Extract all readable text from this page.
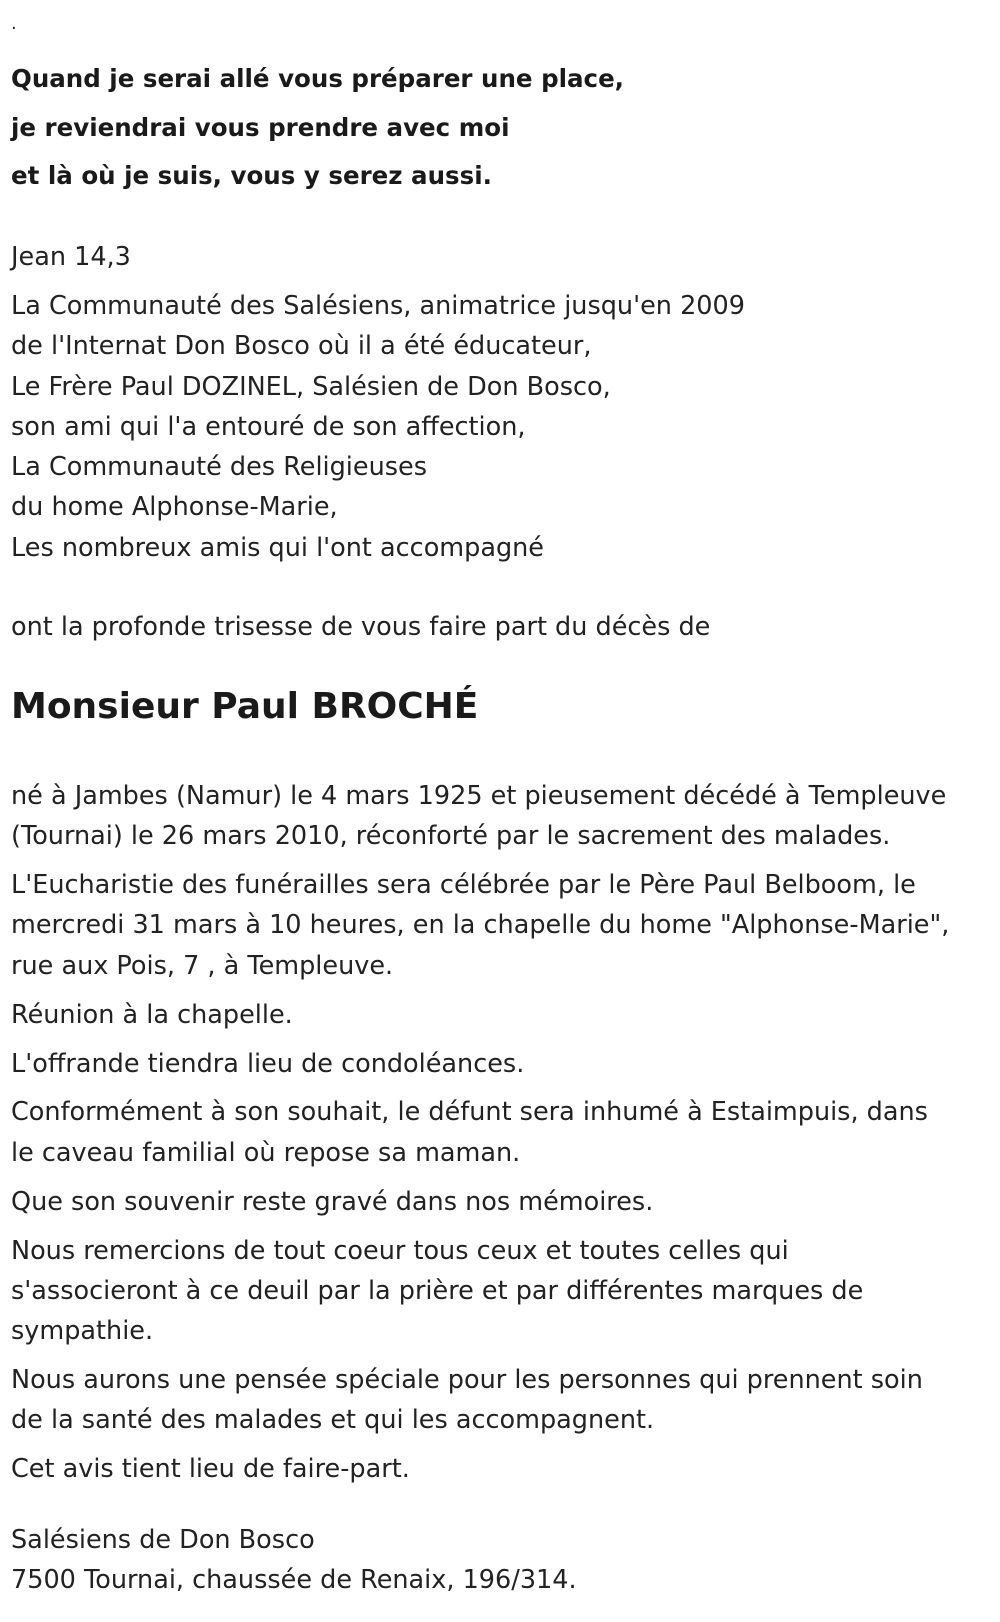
.
Quand je serai allé vous préparer une place,
je reviendrai vous prendre avec moi
et là où je suis, vous y serez aussi.
Jean 14,3
La Communauté des Salésiens, animatrice jusqu'en 2009
de l'Internat Don Bosco où il a été éducateur,
Le Frère Paul DOZINEL, Salésien de Don Bosco,
son ami qui l'a entouré de son affection,
La Communauté des Religieuses
du home Alphonse-Marie,
Les nombreux amis qui l'ont accompagné
ont la profonde trisesse de vous faire part du décès de
Monsieur Paul BROCHÉ

né à Jambes (Namur) le 4 mars 1925 et pieusement décédé à Templeuve
(Tournai) le 26 mars 2010, réconforté par le sacrement des malades.

L'Eucharistie des funérailles sera célébrée par le Père Paul Belboom, le
mercredi 31 mars à 10 heures, en la chapelle du home "Alphonse-Marie",
rue aux Pois, 7 , à Templeuve.

Réunion à la chapelle.

L'offrande tiendra lieu de condoléances.

Conformément à son souhait, le défunt sera inhumé à Estaimpuis, dans
le caveau familial où repose sa maman.

Que son souvenir reste gravé dans nos mémoires.

Nous remercions de tout coeur tous ceux et toutes celles qui
s'associeront à ce deuil par la prière et par différentes marques de
sympathie.

Nous aurons une pensée spéciale pour les personnes qui prennent soin
de la santé des malades et qui les accompagnent.

Cet avis tient lieu de faire-part.

Salésiens de Don Bosco
7500 Tournai, chaussée de Renaix, 196/314.
